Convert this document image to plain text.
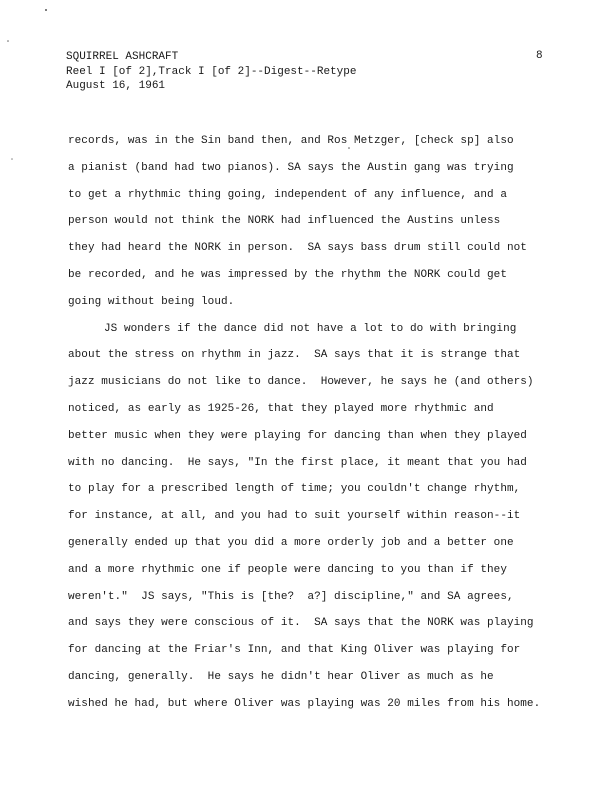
SQUIRREL ASHCRAFT
Reel I [of 2],Track I [of 2]--Digest--Retype
August 16, 1961
8
records, was in the Sin band then, and Ros Metzger, [check sp] also
a pianist (band had two pianos). SA says the Austin gang was trying
to get a rhythmic thing going, independent of any influence, and a
person would not think the NORK had influenced the Austins unless
they had heard the NORK in person.  SA says bass drum still could not
be recorded, and he was impressed by the rhythm the NORK could get
going without being loud.
JS wonders if the dance did not have a lot to do with bringing
about the stress on rhythm in jazz.  SA says that it is strange that
jazz musicians do not like to dance.  However, he says he (and others)
noticed, as early as 1925-26, that they played more rhythmic and
better music when they were playing for dancing than when they played
with no dancing.  He says, "In the first place, it meant that you had
to play for a prescribed length of time; you couldn't change rhythm,
for instance, at all, and you had to suit yourself within reason--it
generally ended up that you did a more orderly job and a better one
and a more rhythmic one if people were dancing to you than if they
weren't."  JS says, "This is [the?  a?] discipline," and SA agrees,
and says they were conscious of it.  SA says that the NORK was playing
for dancing at the Friar's Inn, and that King Oliver was playing for
dancing, generally.  He says he didn't hear Oliver as much as he
wished he had, but where Oliver was playing was 20 miles from his home.
